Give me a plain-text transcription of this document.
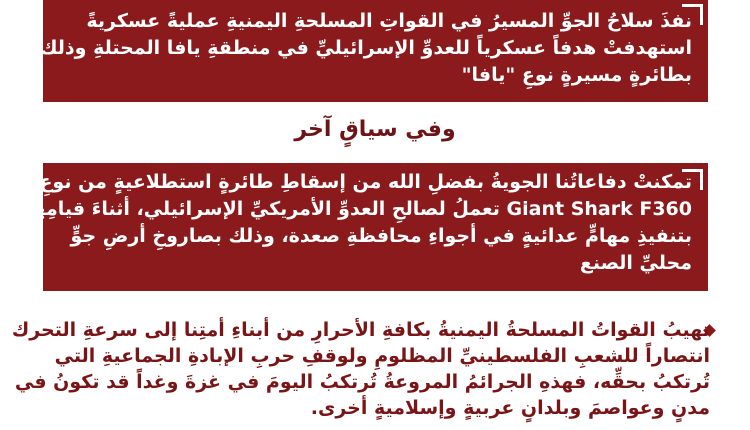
نفذَ سلاحُ الجوِّ المسيرُ في القواتِ المسلحةِ اليمنيةِ عمليةً عسكريةً
استهدفتْ هدفاً عسكرياً للعدوِّ الإسرائيليِّ في منطقةِ يافا المحتلةِ وذلك
بطائرةٍ مسيرةٍ نوعِ "يافا"
وفي سياقٍ آخر
تمكنتْ دفاعاتُنا الجويةُ بفضلِ الله من إسقاطِ طائرةٍ استطلاعيةٍ من نوعِ
Giant Shark F360 تعملُ لصالحِ العدوِّ الأمريكيِّ الإسرائيلي، أثناءَ قيامِها
بتنفيذِ مهامٍّ عدائيةٍ في أجواءِ محافظةِ صعدة، وذلك بصاروخِ أرضِ جوٍّ
محليِّ الصنع
تهيبُ القواتُ المسلحةُ اليمنيةُ بكافةِ الأحرارِ من أبناءِ أمتِنا إلى سرعةِ التحرك
انتصاراً للشعبِ الفلسطينيِّ المظلومِ ولوقفِ حربِ الإبادةِ الجماعيةِ التي
تُرتكبُ بحقِّه، فهذهِ الجرائمُ المروعةُ تُرتكبُ اليومَ في غزةَ وغداً قد تكونُ في
مدنٍ وعواصمَ وبلدانٍ عربيةٍ وإسلاميةٍ أخرى.
